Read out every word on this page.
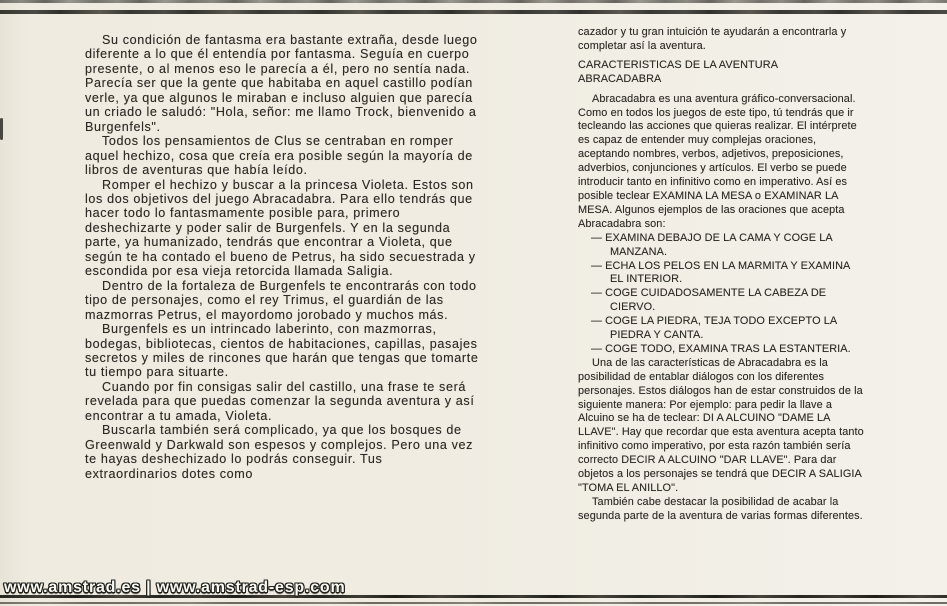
Su condición de fantasma era bastante extraña, desde luego diferente a lo que él entendía por fantasma. Seguía en cuerpo presente, o al menos eso le parecía a él, pero no sentía nada. Parecía ser que la gente que habitaba en aquel castillo podían verle, ya que algunos le miraban e incluso alguien que parecía un criado le saludó: "Hola, señor: me llamo Trock, bienvenido a Burgenfels".

Todos los pensamientos de Clus se centraban en romper aquel hechizo, cosa que creía era posible según la mayoría de libros de aventuras que había leído.

Romper el hechizo y buscar a la princesa Violeta. Estos son los dos objetivos del juego Abracadabra. Para ello tendrás que hacer todo lo fantasmamente posible para, primero deshechizarte y poder salir de Burgenfels. Y en la segunda parte, ya humanizado, tendrás que encontrar a Violeta, que según te ha contado el bueno de Petrus, ha sido secuestrada y escondida por esa vieja retorcida llamada Saligia.

Dentro de la fortaleza de Burgenfels te encontrarás con todo tipo de personajes, como el rey Trimus, el guardián de las mazmorras Petrus, el mayordomo jorobado y muchos más.

Burgenfels es un intrincado laberinto, con mazmorras, bodegas, bibliotecas, cientos de habitaciones, capillas, pasajes secretos y miles de rincones que harán que tengas que tomarte tu tiempo para situarte.

Cuando por fin consigas salir del castillo, una frase te será revelada para que puedas comenzar la segunda aventura y así encontrar a tu amada, Violeta.

Buscarla también será complicado, ya que los bosques de Greenwald y Darkwald son espesos y complejos. Pero una vez te hayas deshechizado lo podrás conseguir. Tus extraordinarios dotes como

cazador y tu gran intuición te ayudarán a encontrarla y completar así la aventura.

CARACTERISTICAS DE LA AVENTURA
ABRACADABRA

Abracadabra es una aventura gráfico-conversacional. Como en todos los juegos de este tipo, tú tendrás que ir tecleando las acciones que quieras realizar. El intérprete es capaz de entender muy complejas oraciones, aceptando nombres, verbos, adjetivos, preposiciones, adverbios, conjunciones y artículos. El verbo se puede introducir tanto en infinitivo como en imperativo. Así es posible teclear EXAMINA LA MESA o EXAMINAR LA MESA. Algunos ejemplos de las oraciones que acepta Abracadabra son:

— EXAMINA DEBAJO DE LA CAMA Y COGE LA MANZANA.

— ECHA LOS PELOS EN LA MARMITA Y EXAMINA EL INTERIOR.

— COGE CUIDADOSAMENTE LA CABEZA DE CIERVO.

— COGE LA PIEDRA, TEJA TODO EXCEPTO LA PIEDRA Y CANTA.

— COGE TODO, EXAMINA TRAS LA ESTANTERIA.

Una de las características de Abracadabra es la posibilidad de entablar diálogos con los diferentes personajes. Estos diálogos han de estar construidos de la siguiente manera: Por ejemplo: para pedir la llave a Alcuino se ha de teclear: DI A ALCUINO "DAME LA LLAVE". Hay que recordar que esta aventura acepta tanto infinitivo como imperativo, por esta razón también sería correcto DECIR A ALCUINO "DAR LLAVE". Para dar objetos a los personajes se tendrá que DECIR A SALIGIA "TOMA EL ANILLO".

También cabe destacar la posibilidad de acabar la segunda parte de la aventura de varias formas diferentes.

www.amstrad.es | www.amstrad-esp.com
